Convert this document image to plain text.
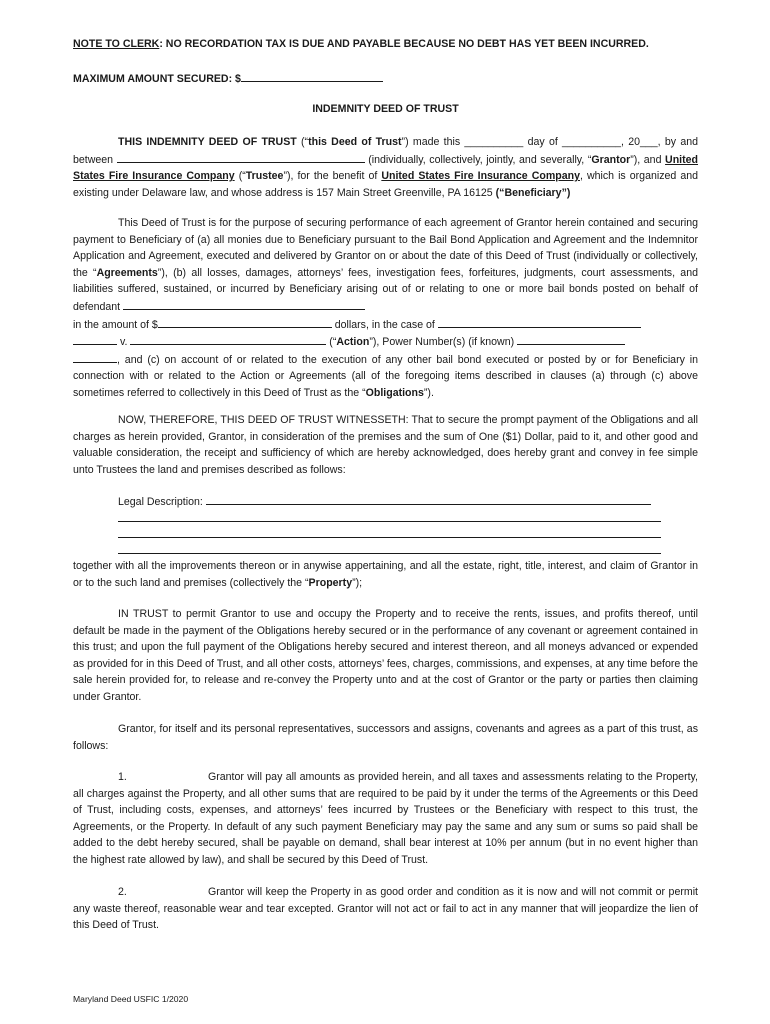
NOTE TO CLERK: NO RECORDATION TAX IS DUE AND PAYABLE BECAUSE NO DEBT HAS YET BEEN INCURRED.

MAXIMUM AMOUNT SECURED: $

INDEMNITY DEED OF TRUST

THIS INDEMNITY DEED OF TRUST (“this Deed of Trust”) made this __________ day of __________, 20___, by and between	(individually, collectively, jointly, and severally, “Grantor”), and United States Fire Insurance Company (“Trustee”), for the benefit of United States Fire Insurance Company, which is organized and existing under Delaware law, and whose address is 157 Main Street Greenville, PA 16125 (“Beneficiary”)

This Deed of Trust is for the purpose of securing performance of each agreement of Grantor herein contained and securing payment to Beneficiary of (a) all monies due to Beneficiary pursuant to the Bail Bond Application and Agreement and the Indemnitor Application and Agreement, executed and delivered by Grantor on or about the date of this Deed of Trust (individually or collectively, the “Agreements”), (b) all losses, damages, attorneys’ fees, investigation fees, forfeitures, judgments, court assessments, and liabilities suffered, sustained, or incurred by Beneficiary arising out of or relating to one or more bail bonds posted on behalf of defendant
in the amount of $	dollars, in the case of
v.	(“Action”), Power Number(s) (if known)
, and (c) on account of or related to the execution of any other bail bond executed or posted by or for Beneficiary in connection with or related to the Action or Agreements (all of the foregoing items described in clauses (a) through (c) above sometimes referred to collectively in this Deed of Trust as the “Obligations”).

NOW, THEREFORE, THIS DEED OF TRUST WITNESSETH: That to secure the prompt payment of the Obligations and all charges as herein provided, Grantor, in consideration of the premises and the sum of One ($1) Dollar, paid to it, and other good and valuable consideration, the receipt and sufficiency of which are hereby acknowledged, does hereby grant and convey in fee simple unto Trustees the land and premises described as follows:

Legal Description:

together with all the improvements thereon or in anywise appertaining, and all the estate, right, title, interest, and claim of Grantor in or to the such land and premises (collectively the “Property”);

IN TRUST to permit Grantor to use and occupy the Property and to receive the rents, issues, and profits thereof, until default be made in the payment of the Obligations hereby secured or in the performance of any covenant or agreement contained in this trust; and upon the full payment of the Obligations hereby secured and interest thereon, and all moneys advanced or expended as provided for in this Deed of Trust, and all other costs, attorneys’ fees, charges, commissions, and expenses, at any time before the sale herein provided for, to release and re-convey the Property unto and at the cost of Grantor or the party or parties then claiming under Grantor.

Grantor, for itself and its personal representatives, successors and assigns, covenants and agrees as a part of this trust, as follows:

1.	Grantor will pay all amounts as provided herein, and all taxes and assessments relating to the Property, all charges against the Property, and all other sums that are required to be paid by it under the terms of the Agreements or this Deed of Trust, including costs, expenses, and attorneys’ fees incurred by Trustees or the Beneficiary with respect to this trust, the Agreements, or the Property. In default of any such payment Beneficiary may pay the same and any sum or sums so paid shall be added to the debt hereby secured, shall be payable on demand, shall bear interest at 10% per annum (but in no event higher than the highest rate allowed by law), and shall be secured by this Deed of Trust.

2.	Grantor will keep the Property in as good order and condition as it is now and will not commit or permit any waste thereof, reasonable wear and tear excepted. Grantor will not act or fail to act in any manner that will jeopardize the lien of this Deed of Trust.

Maryland Deed USFIC 1/2020
